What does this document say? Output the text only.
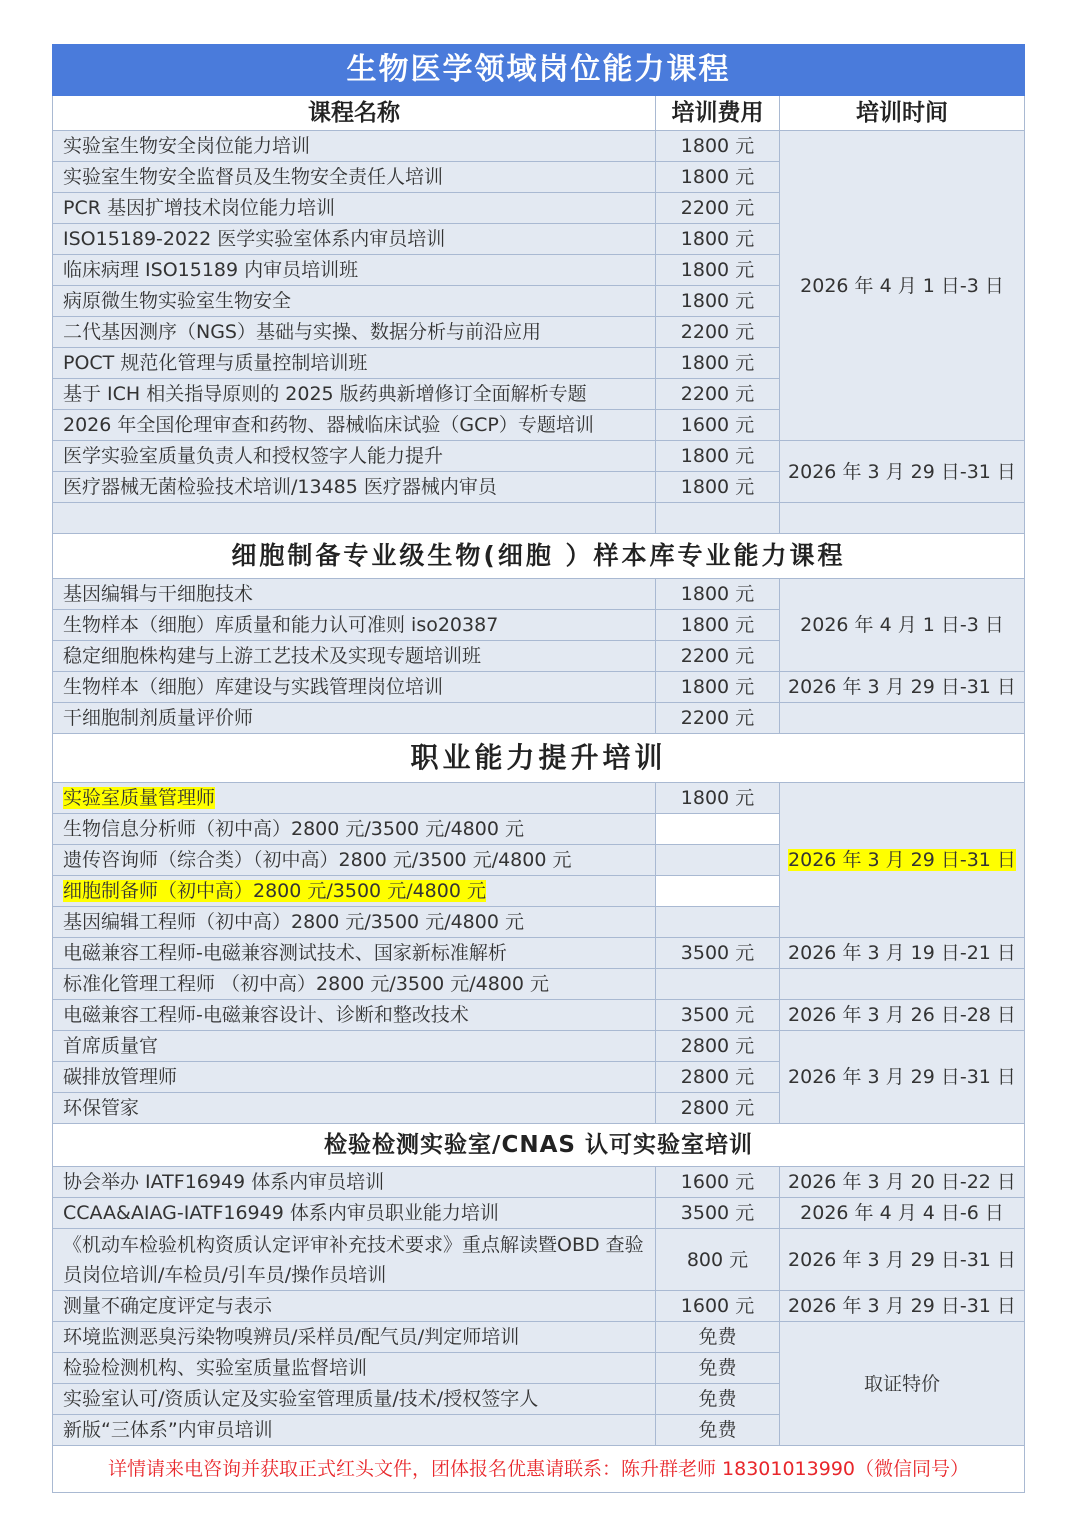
生物医学领域岗位能力课程		
课程名称	培训费用	培训时间
实验室生物安全岗位能力培训	1800 元	2026 年 4 月 1 日-3 日
实验室生物安全监督员及生物安全责任人培训	1800 元	
PCR 基因扩增技术岗位能力培训	2200 元	
ISO15189-2022 医学实验室体系内审员培训	1800 元	
临床病理 ISO15189 内审员培训班	1800 元	
病原微生物实验室生物安全	1800 元	
二代基因测序（NGS）基础与实操、数据分析与前沿应用	2200 元	
POCT 规范化管理与质量控制培训班	1800 元	
基于 ICH 相关指导原则的 2025 版药典新增修订全面解析专题	2200 元	
2026 年全国伦理审查和药物、器械临床试验（GCP）专题培训	1600 元	
医学实验室质量负责人和授权签字人能力提升	1800 元	2026 年 3 月 29 日-31 日
医疗器械无菌检验技术培训/13485 医疗器械内审员	1800 元	

细胞制备专业级生物(细胞 ）样本库专业能力课程		
基因编辑与干细胞技术	1800 元	2026 年 4 月 1 日-3 日
生物样本（细胞）库质量和能力认可准则 iso20387	1800 元	
稳定细胞株构建与上游工艺技术及实现专题培训班	2200 元	
生物样本（细胞）库建设与实践管理岗位培训	1800 元	2026 年 3 月 29 日-31 日
干细胞制剂质量评价师	2200 元	
职业能力提升培训		
实验室质量管理师	1800 元	2026 年 3 月 29 日-31 日
生物信息分析师（初中高）2800 元/3500 元/4800 元		
遗传咨询师（综合类）（初中高）2800 元/3500 元/4800 元		
细胞制备师（初中高）2800 元/3500 元/4800 元		
基因编辑工程师（初中高）2800 元/3500 元/4800 元		
电磁兼容工程师-电磁兼容测试技术、国家新标准解析	3500 元	2026 年 3 月 19 日-21 日
标准化管理工程师 （初中高）2800 元/3500 元/4800 元		
电磁兼容工程师-电磁兼容设计、诊断和整改技术	3500 元	2026 年 3 月 26 日-28 日
首席质量官	2800 元	2026 年 3 月 29 日-31 日
碳排放管理师	2800 元	
环保管家	2800 元	
检验检测实验室/CNAS 认可实验室培训		
协会举办 IATF16949 体系内审员培训	1600 元	2026 年 3 月 20 日-22 日
CCAA&AIAG-IATF16949 体系内审员职业能力培训	3500 元	2026 年 4 月 4 日-6 日
《机动车检验机构资质认定评审补充技术要求》重点解读暨OBD 查验员岗位培训/车检员/引车员/操作员培训	800 元	2026 年 3 月 29 日-31 日
测量不确定度评定与表示	1600 元	2026 年 3 月 29 日-31 日
环境监测恶臭污染物嗅辨员/采样员/配气员/判定师培训	免费	取证特价
检验检测机构、实验室质量监督培训	免费	
实验室认可/资质认定及实验室管理质量/技术/授权签字人	免费	
新版“三体系”内审员培训	免费	
详情请来电咨询并获取正式红头文件，团体报名优惠请联系：陈升群老师 18301013990（微信同号）		
